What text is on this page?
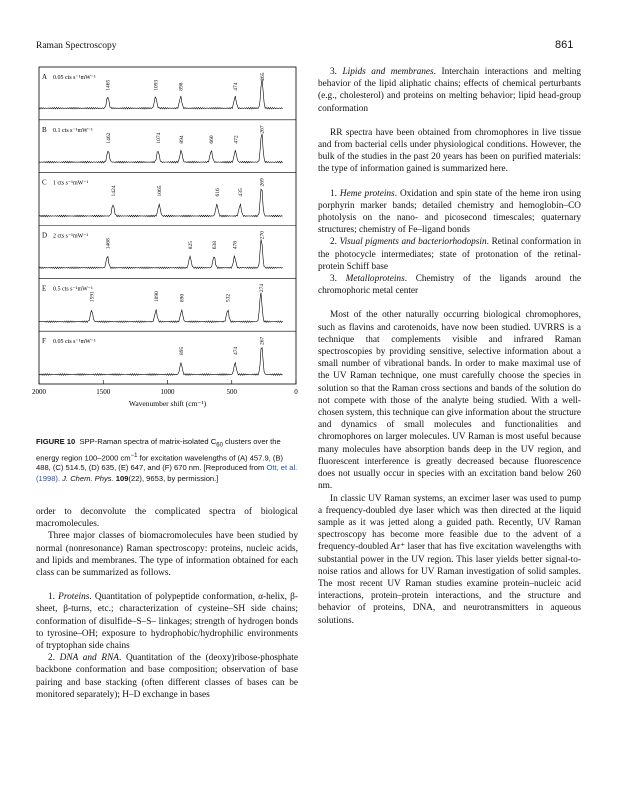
Raman Spectroscopy	861
A 0.05 cts s⁻¹mW⁻¹
1465	1093	898	474
265
B 0.1 cts s⁻¹mW⁻¹
1462	1074	894	660	472
267
C 1 cts s⁻¹mW⁻¹
1424	1065	616	435
269
D 2 cts s⁻¹mW⁻¹
1468	825	638	478
270
E 0.5 cts s⁻¹mW⁻¹
1591	1090	890	532
274
F 0.05 cts s⁻¹mW⁻¹
895	474
267
2000	1500	1000	500	0
Wavenumber shift (cm⁻¹)
FIGURE 10 SPP-Raman spectra of matrix-isolated $C_{60}$ clusters over the energy region 100–2000 $cm^{-1}$ for excitation wavelengths of (A) 457.9, (B) 488, (C) 514.5, (D) 635, (E) 647, and (F) 670 nm. [Reproduced from Ott, et al. (1998). J. Chem. Phys. 109(22), 9653, by permission.]

order to deconvolute the complicated spectra of biological macromolecules.

Three major classes of biomacromolecules have been studied by normal (nonresonance) Raman spectroscopy: proteins, nucleic acids, and lipids and membranes. The type of information obtained for each class can be summarized as follows.

1. Proteins. Quantitation of polypeptide conformation, α-helix, β-sheet, β-turns, etc.; characterization of cysteine–SH side chains; conformation of disulfide–S–S– linkages; strength of hydrogen bonds to tyrosine–OH; exposure to hydrophobic/hydrophilic environments of tryptophan side chains

2. DNA and RNA. Quantitation of the (deoxy)ribose-phosphate backbone conformation and base composition; observation of base pairing and base stacking (often different classes of bases can be monitored separately); H–D exchange in bases

3. Lipids and membranes. Interchain interactions and melting behavior of the lipid aliphatic chains; effects of chemical perturbants (e.g., cholesterol) and proteins on melting behavior; lipid head-group conformation

RR spectra have been obtained from chromophores in live tissue and from bacterial cells under physiological conditions. However, the bulk of the studies in the past 20 years has been on purified materials: the type of information gained is summarized here.

1. Heme proteins. Oxidation and spin state of the heme iron using porphyrin marker bands; detailed chemistry and hemoglobin–CO photolysis on the nano- and picosecond timescales; quaternary structures; chemistry of Fe–ligand bonds

2. Visual pigments and bacteriorhodopsin. Retinal conformation in the photocycle intermediates; state of protonation of the retinal-protein Schiff base

3. Metalloproteins. Chemistry of the ligands around the chromophoric metal center

Most of the other naturally occurring biological chromophores, such as flavins and carotenoids, have now been studied. UVRRS is a technique that complements visible and infrared Raman spectroscopies by providing sensitive, selective information about a small number of vibrational bands. In order to make maximal use of the UV Raman technique, one must carefully choose the species in solution so that the Raman cross sections and bands of the solution do not compete with those of the analyte being studied. With a well-chosen system, this technique can give information about the structure and dynamics of small molecules and functionalities and chromophores on larger molecules. UV Raman is most useful because many molecules have absorption bands deep in the UV region, and fluorescent interference is greatly decreased because fluorescence does not usually occur in species with an excitation band below 260 nm.

In classic UV Raman systems, an excimer laser was used to pump a frequency-doubled dye laser which was then directed at the liquid sample as it was jetted along a guided path. Recently, UV Raman spectroscopy has become more feasible due to the advent of a frequency-doubled Ar⁺ laser that has five excitation wavelengths with substantial power in the UV region. This laser yields better signal-to-noise ratios and allows for UV Raman investigation of solid samples. The most recent UV Raman studies examine protein–nucleic acid interactions, protein–protein interactions, and the structure and behavior of proteins, DNA, and neurotransmitters in aqueous solutions.
